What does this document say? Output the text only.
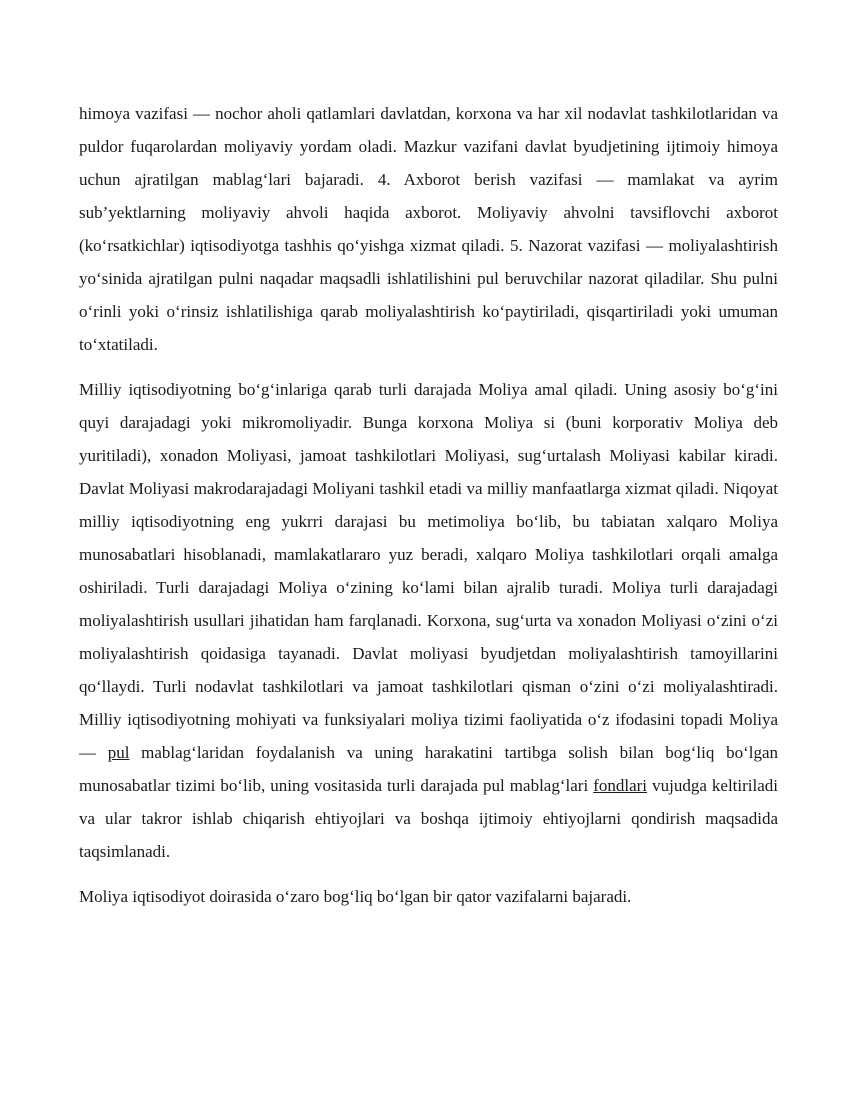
himoya vazifasi — nochor aholi qatlamlari davlatdan, korxona va har xil nodavlat tashkilotlaridan va puldor fuqarolardan moliyaviy yordam oladi. Mazkur vazifani davlat byudjetining ijtimoiy himoya uchun ajratilgan mablag‘lari bajaradi. 4. Axborot berish vazifasi — mamlakat va ayrim sub’yektlarning moliyaviy ahvoli haqida axborot. Moliyaviy ahvolni tavsiflovchi axborot (ko‘rsatkichlar) iqtisodiyotga tashhis qo‘yishga xizmat qiladi. 5. Nazorat vazifasi — moliyalashtirish yo‘sinida ajratilgan pulni naqadar maqsadli ishlatilishini pul beruvchilar nazorat qiladilar. Shu pulni o‘rinli yoki o‘rinsiz ishlatilishiga qarab moliyalashtirish ko‘paytiriladi, qisqartiriladi yoki umuman to‘xtatiladi.

Milliy iqtisodiyotning bo‘g‘inlariga qarab turli darajada Moliya amal qiladi. Uning asosiy bo‘g‘ini quyi darajadagi yoki mikromoliyadir. Bunga korxona Moliya si (buni korporativ Moliya deb yuritiladi), xonadon Moliyasi, jamoat tashkilotlari Moliyasi, sug‘urtalash Moliyasi kabilar kiradi. Davlat Moliyasi makrodarajadagi Moliyani tashkil etadi va milliy manfaatlarga xizmat qiladi. Niqoyat milliy iqtisodiyotning eng yukrri darajasi bu metimoliya bo‘lib, bu tabiatan xalqaro Moliya munosabatlari hisoblanadi, mamlakatlararo yuz beradi, xalqaro Moliya tashkilotlari orqali amalga oshiriladi. Turli darajadagi Moliya o‘zining ko‘lami bilan ajralib turadi. Moliya turli darajadagi moliyalashtirish usullari jihatidan ham farqlanadi. Korxona, sug‘urta va xonadon Moliyasi o‘zini o‘zi moliyalashtirish qoidasiga tayanadi. Davlat moliyasi byudjetdan moliyalashtirish tamoyillarini qo‘llaydi. Turli nodavlat tashkilotlari va jamoat tashkilotlari qisman o‘zini o‘zi moliyalashtiradi. Milliy iqtisodiyotning mohiyati va funksiyalari moliya tizimi faoliyatida o‘z ifodasini topadi Moliya — pul mablag‘laridan foydalanish va uning harakatini tartibga solish bilan bog‘liq bo‘lgan munosabatlar tizimi bo‘lib, uning vositasida turli darajada pul mablag‘lari fondlari vujudga keltiriladi va ular takror ishlab chiqarish ehtiyojlari va boshqa ijtimoiy ehtiyojlarni qondirish maqsadida taqsimlanadi.

Moliya iqtisodiyot doirasida o‘zaro bog‘liq bo‘lgan bir qator vazifalarni bajaradi.
